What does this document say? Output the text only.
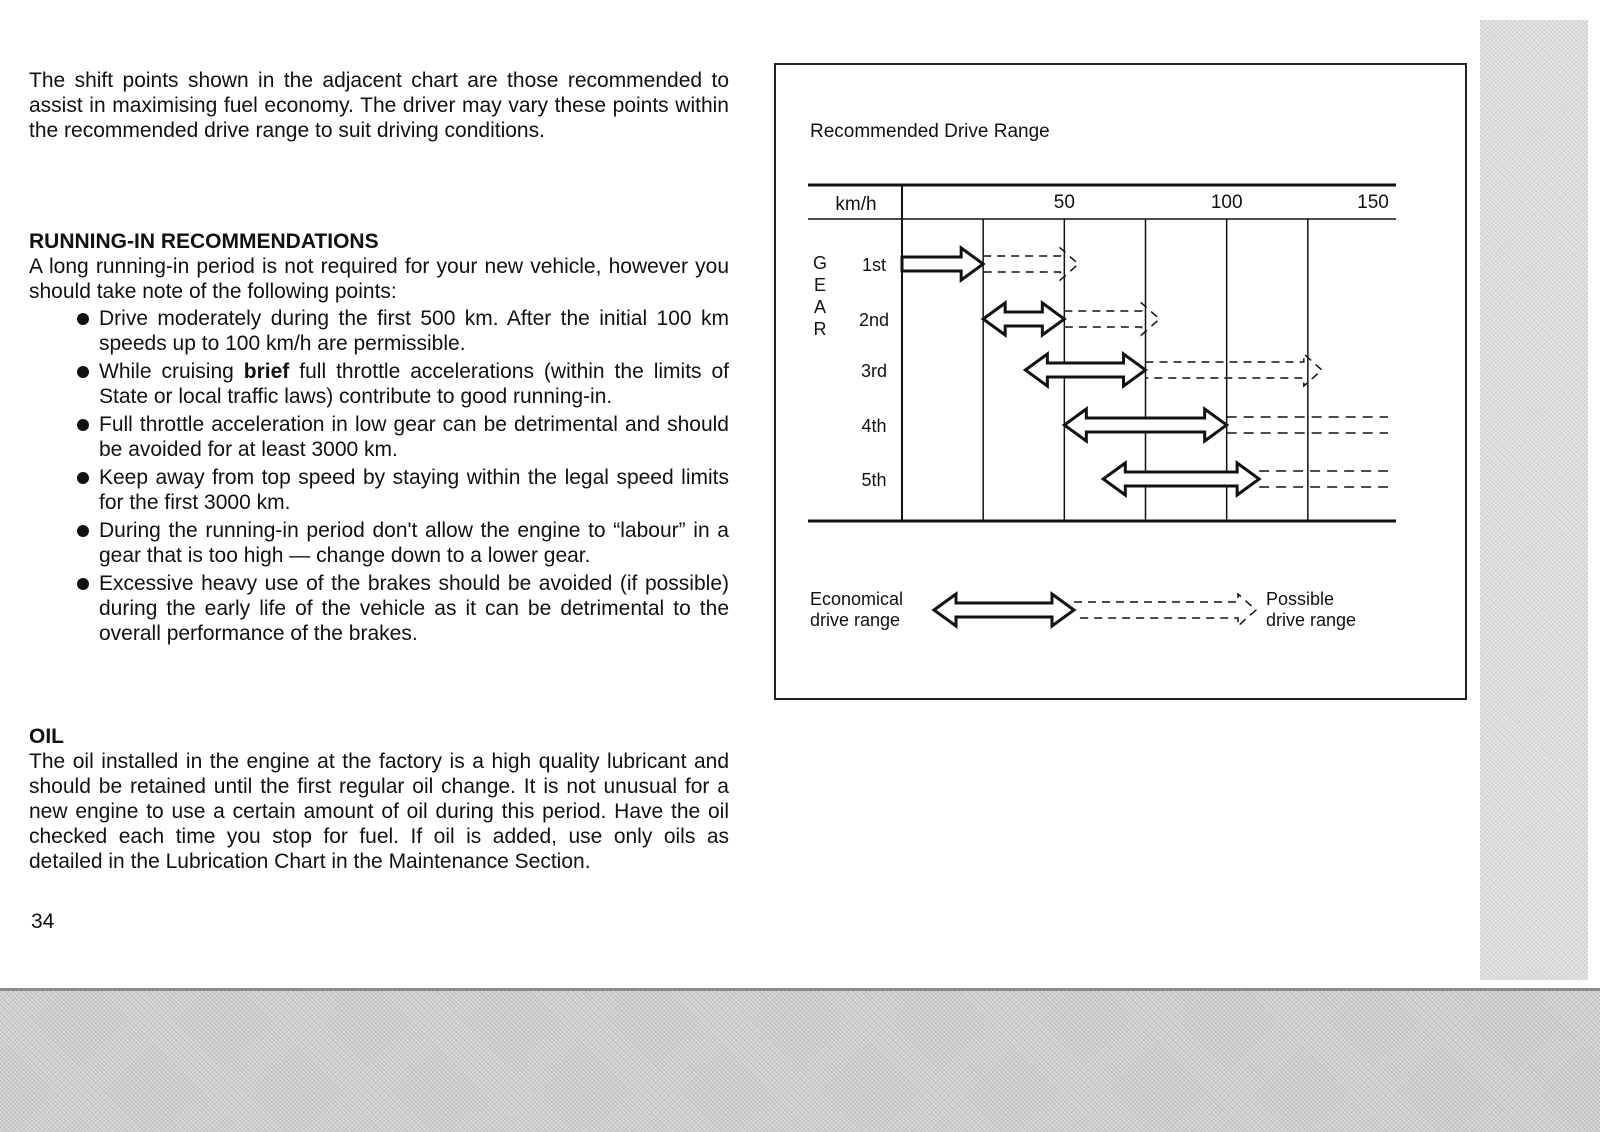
The shift points shown in the adjacent chart are those recommended to assist in maximising fuel economy. The driver may vary these points within the recommended drive range to suit driving conditions.

RUNNING-IN RECOMMENDATIONS

A long running-in period is not required for your new vehicle, however you should take note of the following points:

Drive moderately during the first 500 km. After the initial 100 km speeds up to 100 km/h are permissible.
While cruising brief full throttle accelerations (within the limits of State or local traffic laws) contribute to good running-in.
Full throttle acceleration in low gear can be detrimental and should be avoided for at least 3000 km.
Keep away from top speed by staying within the legal speed limits for the first 3000 km.
During the running-in period don't allow the engine to “labour” in a gear that is too high — change down to a lower gear.
Excessive heavy use of the brakes should be avoided (if possible) during the early life of the vehicle as it can be detrimental to the overall performance of the brakes.
OIL

The oil installed in the engine at the factory is a high quality lubricant and should be retained until the first regular oil change. It is not unusual for a new engine to use a certain amount of oil during this period. Have the oil checked each time you stop for fuel. If oil is added, use only oils as detailed in the Lubrication Chart in the Maintenance Section.

34
Recommended Drive Range
km/h	50	100	150
G
E
A
R
1st
2nd
3rd
4th
5th
Economical
drive range
Possible
drive range
